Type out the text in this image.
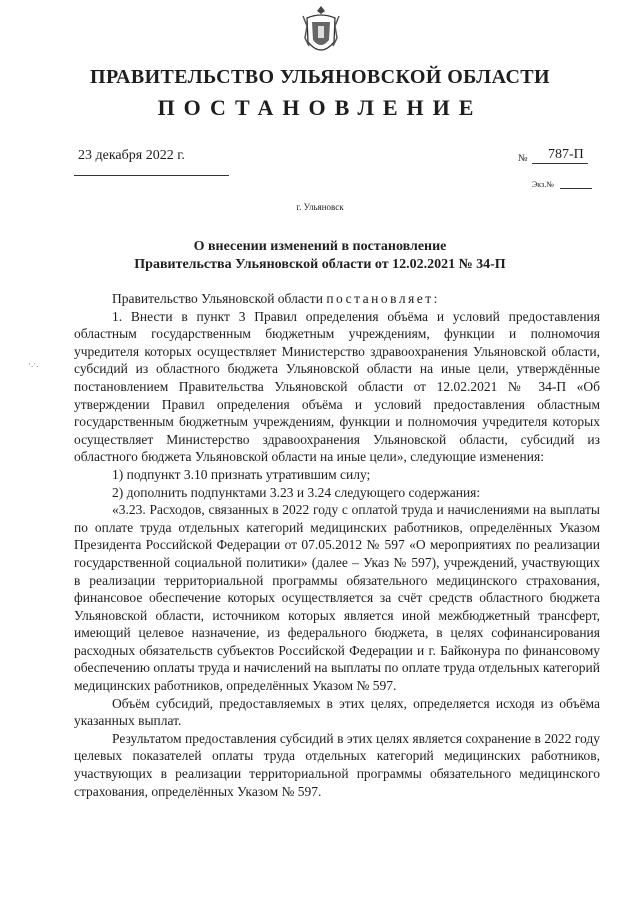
ПРАВИТЕЛЬСТВО УЛЬЯНОВСКОЙ ОБЛАСТИ
ПОСТАНОВЛЕНИЕ
23 декабря 2022 г.	№ 787-П
Экз.№
г. Ульяновск
О внесении изменений в постановление
Правительства Ульяновской области от 12.02.2021 № 34-П
·.·.

Правительство Ульяновской области постановляет:

1. Внести в пункт 3 Правил определения объёма и условий предоставления областным государственным бюджетным учреждениям, функции и полномочия учредителя которых осуществляет Министерство здравоохранения Ульяновской области, субсидий из областного бюджета Ульяновской области на иные цели, утверждённые постановлением Правительства Ульяновской области от 12.02.2021 № 34-П «Об утверждении Правил определения объёма и условий предоставления областным государственным бюджетным учреждениям, функции и полномочия учредителя которых осуществляет Министерство здравоохранения Ульяновской области, субсидий из областного бюджета Ульяновской области на иные цели», следующие изменения:

1) подпункт 3.10 признать утратившим силу;

2) дополнить подпунктами 3.23 и 3.24 следующего содержания:

«3.23. Расходов, связанных в 2022 году с оплатой труда и начислениями на выплаты по оплате труда отдельных категорий медицинских работников, определённых Указом Президента Российской Федерации от 07.05.2012 № 597 «О мероприятиях по реализации государственной социальной политики» (далее – Указ № 597), учреждений, участвующих в реализации территориальной программы обязательного медицинского страхования, финансовое обеспечение которых осуществляется за счёт средств областного бюджета Ульяновской области, источником которых является иной межбюджетный трансферт, имеющий целевое назначение, из федерального бюджета, в целях софинансирования расходных обязательств субъектов Российской Федерации и г. Байконура по финансовому обеспечению оплаты труда и начислений на выплаты по оплате труда отдельных категорий медицинских работников, определённых Указом № 597.

Объём субсидий, предоставляемых в этих целях, определяется исходя из объёма указанных выплат.

Результатом предоставления субсидий в этих целях является сохранение в 2022 году целевых показателей оплаты труда отдельных категорий медицинских работников, участвующих в реализации территориальной программы обязательного медицинского страхования, определённых Указом № 597.
